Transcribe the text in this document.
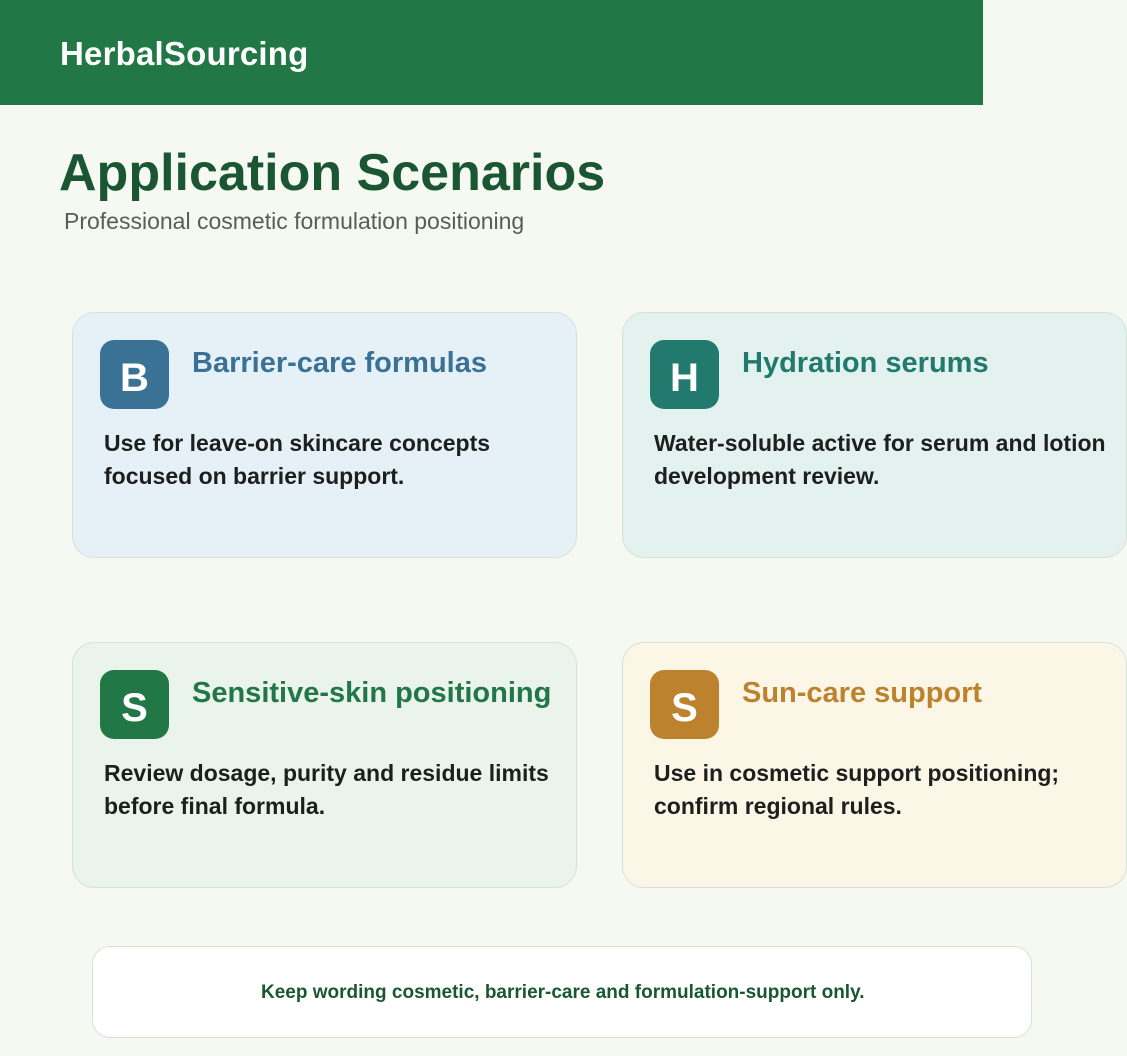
HerbalSourcing
Application Scenarios
Professional cosmetic formulation positioning
B	Barrier-care formulas
Use for leave-on skincare concepts focused on barrier support.
H	Hydration serums
Water-soluble active for serum and lotion development review.
S	Sensitive-skin positioning
Review dosage, purity and residue limits before final formula.
S	Sun-care support
Use in cosmetic support positioning; confirm regional rules.
Keep wording cosmetic, barrier-care and formulation-support only.
